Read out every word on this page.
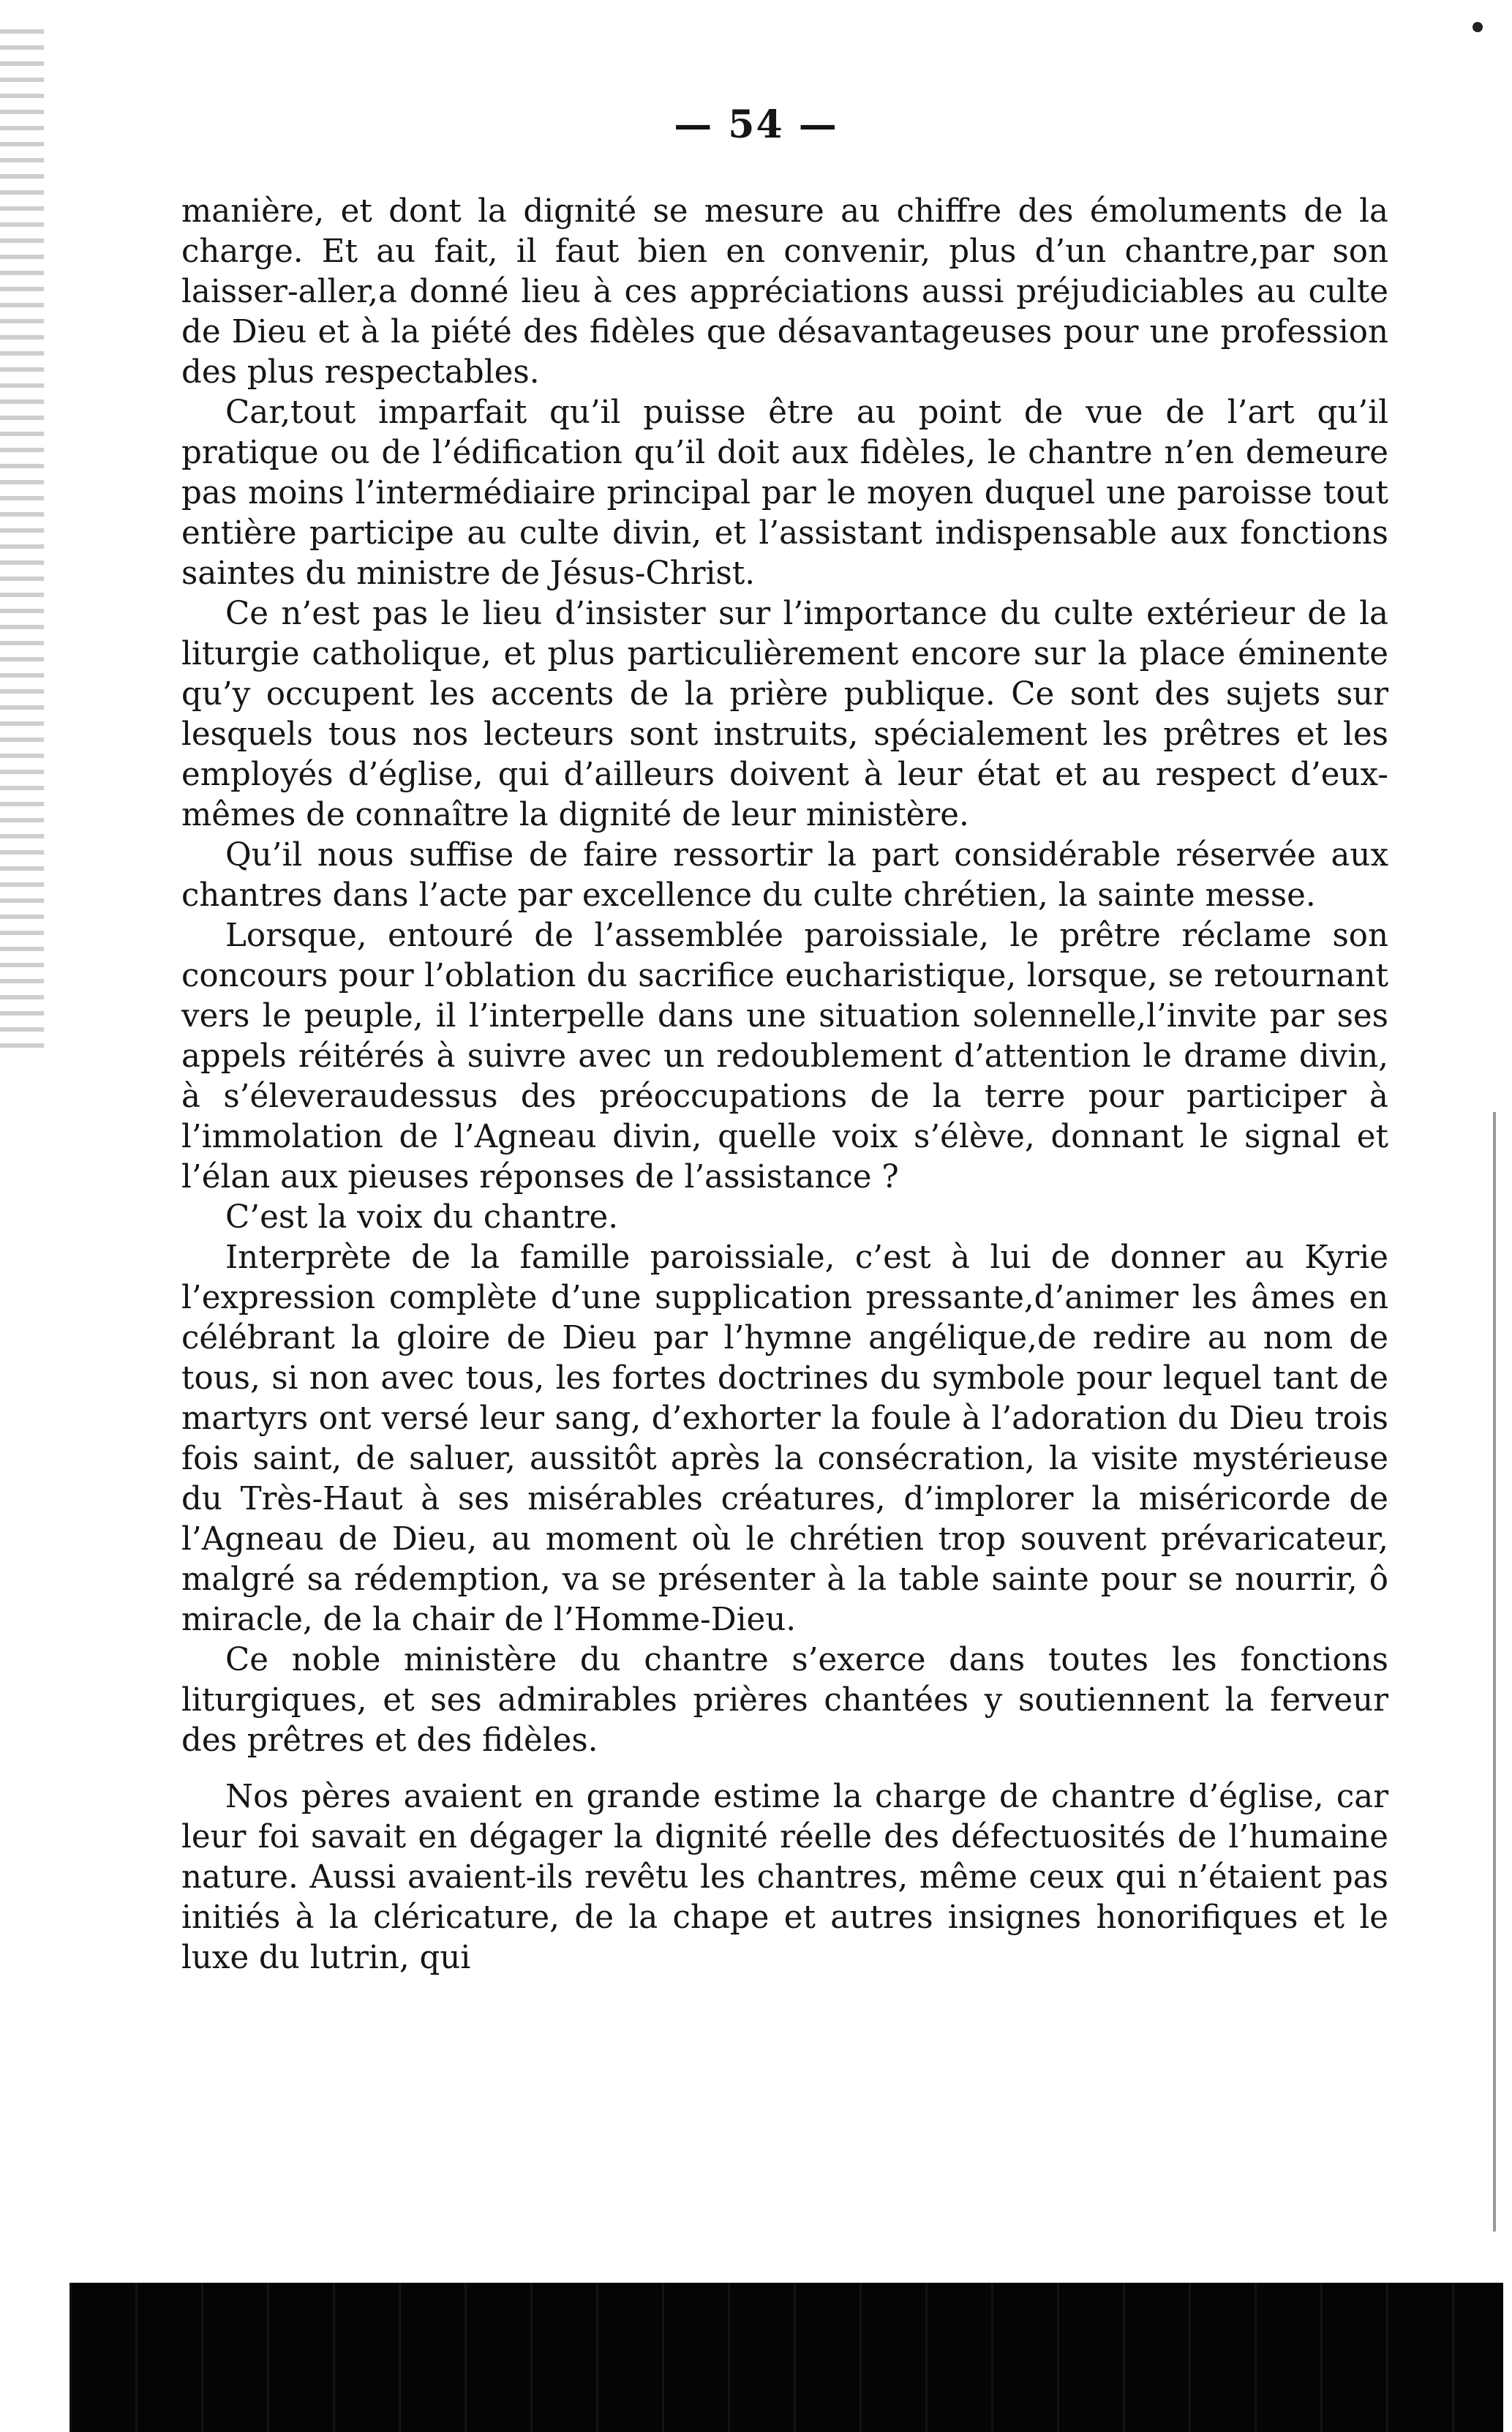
— 54 —

manière, et dont la dignité se mesure au chiffre des émoluments de la charge. Et au fait, il faut bien en convenir, plus d’un chantre,par son laisser-aller,a donné lieu à ces appréciations aussi préjudiciables au culte de Dieu et à la piété des fidèles que désavantageuses pour une profession des plus respectables.

Car,tout imparfait qu’il puisse être au point de vue de l’art qu’il pratique ou de l’édification qu’il doit aux fidèles, le chantre n’en demeure pas moins l’intermédiaire principal par le moyen duquel une paroisse tout entière participe au culte divin, et l’assistant indispensable aux fonctions saintes du ministre de Jésus-Christ.

Ce n’est pas le lieu d’insister sur l’importance du culte extérieur de la liturgie catholique, et plus particulièrement encore sur la place éminente qu’y occupent les accents de la prière publique. Ce sont des sujets sur lesquels tous nos lecteurs sont instruits, spécialement les prêtres et les employés d’église, qui d’ailleurs doivent à leur état et au respect d’eux-mêmes de connaître la dignité de leur ministère.

Qu’il nous suffise de faire ressortir la part considérable réservée aux chantres dans l’acte par excellence du culte chrétien, la sainte messe.

Lorsque, entouré de l’assemblée paroissiale, le prêtre réclame son concours pour l’oblation du sacrifice eucharistique, lorsque, se retournant vers le peuple, il l’interpelle dans une situation solennelle,l’invite par ses appels réitérés à suivre avec un redoublement d’attention le drame divin, à s’éleveraudessus des préoccupations de la terre pour participer à l’immolation de l’Agneau divin, quelle voix s’élève, donnant le signal et l’élan aux pieuses réponses de l’assistance ?

C’est la voix du chantre.

Interprète de la famille paroissiale, c’est à lui de donner au Kyrie l’expression complète d’une supplication pressante,d’animer les âmes en célébrant la gloire de Dieu par l’hymne angélique,de redire au nom de tous, si non avec tous, les fortes doctrines du symbole pour lequel tant de martyrs ont versé leur sang, d’exhorter la foule à l’adoration du Dieu trois fois saint, de saluer, aussitôt après la consécration, la visite mystérieuse du Très-Haut à ses misérables créatures, d’implorer la miséricorde de l’Agneau de Dieu, au moment où le chrétien trop souvent prévaricateur, malgré sa rédemption, va se présenter à la table sainte pour se nourrir, ô miracle, de la chair de l’Homme-Dieu.

Ce noble ministère du chantre s’exerce dans toutes les fonctions liturgiques, et ses admirables prières chantées y soutiennent la ferveur des prêtres et des fidèles.

Nos pères avaient en grande estime la charge de chantre d’église, car leur foi savait en dégager la dignité réelle des défectuosités de l’humaine nature. Aussi avaient-ils revêtu les chantres, même ceux qui n’étaient pas initiés à la cléricature, de la chape et autres insignes honorifiques et le luxe du lutrin, qui
